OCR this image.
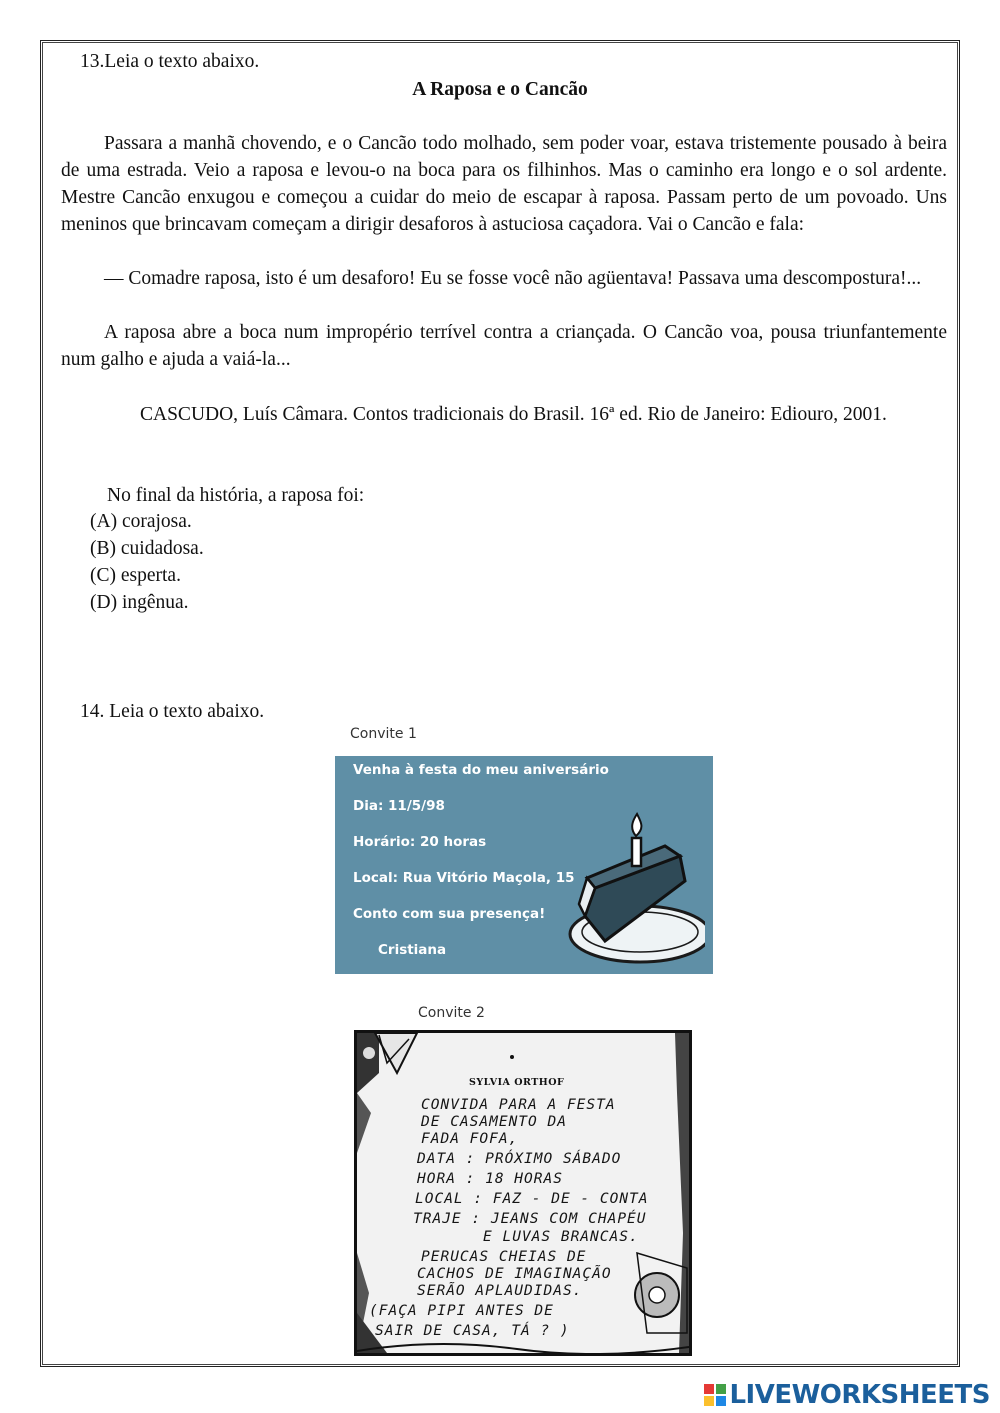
13.Leia o texto abaixo.
A Raposa e o Cancão

Passara a manhã chovendo, e o Cancão todo molhado, sem poder voar, estava tristemente pousado à beira de uma estrada. Veio a raposa e levou-o na boca para os filhinhos. Mas o caminho era longo e o sol ardente. Mestre Cancão enxugou e começou a cuidar do meio de escapar à raposa. Passam perto de um povoado. Uns meninos que brincavam começam a dirigir desaforos à astuciosa caçadora. Vai o Cancão e fala:

— Comadre raposa, isto é um desaforo! Eu se fosse você não agüentava! Passava uma descompostura!...

A raposa abre a boca num impropério terrível contra a criançada. O Cancão voa, pousa triunfantemente num galho e ajuda a vaiá-la...

CASCUDO, Luís Câmara. Contos tradicionais do Brasil. 16ª ed. Rio de Janeiro: Ediouro, 2001.

No final da história, a raposa foi:
(A) corajosa.
(B) cuidadosa.
(C) esperta.
(D) ingênua.
14. Leia o texto abaixo.
Convite 1
Venha à festa do meu aniversário
Dia: 11/5/98
Horário: 20 horas
Local: Rua Vitório Maçola, 15
Conto com sua presença!
Cristiana
Convite 2
SYLVIA ORTHOF
CONVIDA PARA A FESTA
DE CASAMENTO DA
FADA FOFA,
DATA : PRÓXIMO SÁBADO
HORA : 18 HORAS
LOCAL : FAZ - DE - CONTA
TRAJE : JEANS COM CHAPÉU
E LUVAS BRANCAS.
PERUCAS CHEIAS DE
CACHOS DE IMAGINAÇÃO
SERÃO APLAUDIDAS.
(FAÇA PIPI ANTES DE
SAIR DE CASA, TÁ ? )
LIVEWORKSHEETS
